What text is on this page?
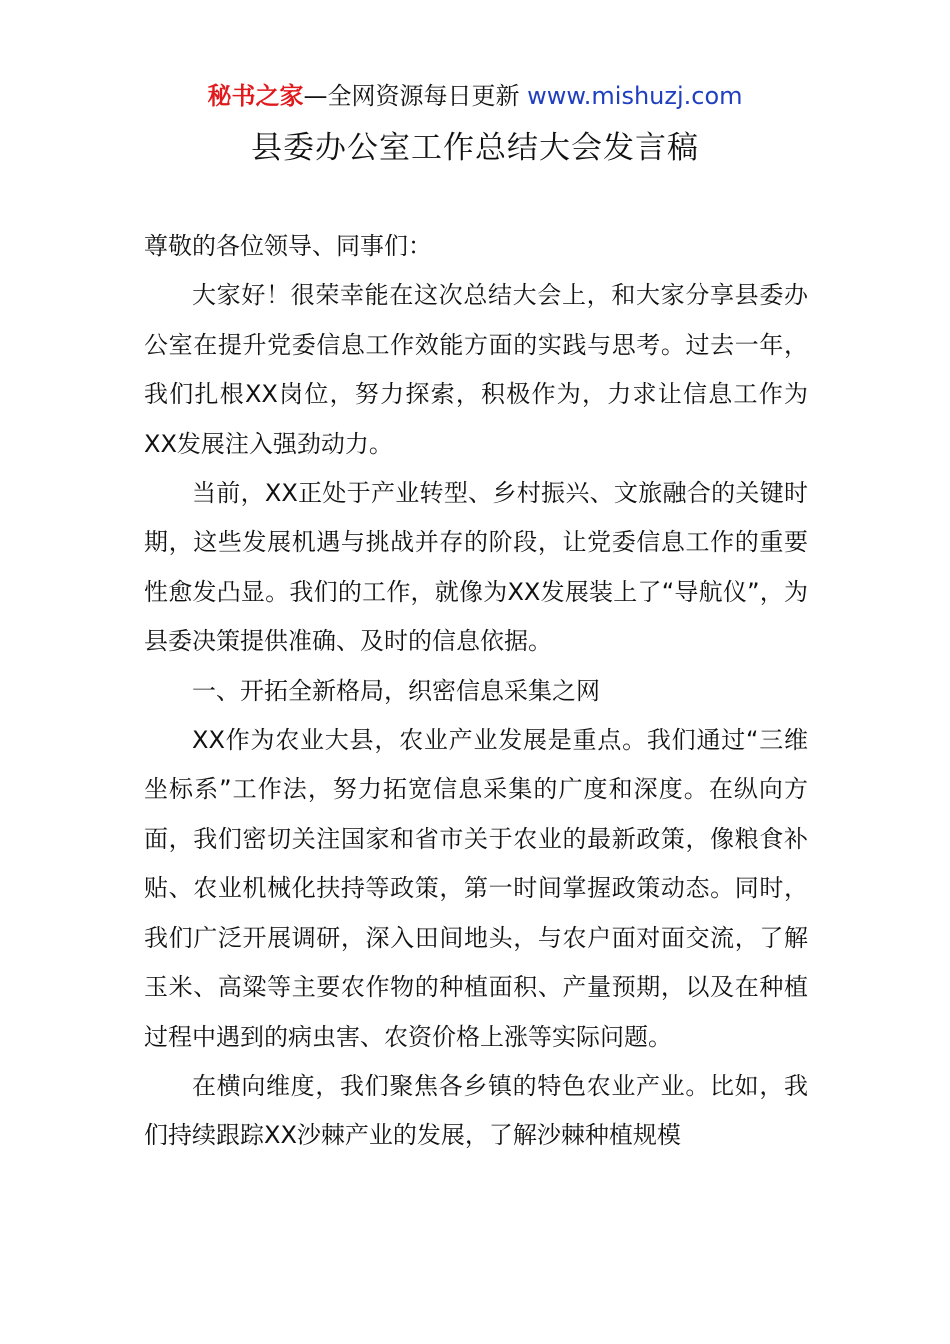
秘书之家—全网资源每日更新 www.mishuzj.com
县委办公室工作总结大会发言稿

尊敬的各位领导、同事们：

大家好！很荣幸能在这次总结大会上，和大家分享县委办公室在提升党委信息工作效能方面的实践与思考。过去一年，我们扎根XX岗位，努力探索，积极作为，力求让信息工作为XX发展注入强劲动力。

当前，XX正处于产业转型、乡村振兴、文旅融合的关键时期，这些发展机遇与挑战并存的阶段，让党委信息工作的重要性愈发凸显。我们的工作，就像为XX发展装上了“导航仪”，为县委决策提供准确、及时的信息依据。

一、开拓全新格局，织密信息采集之网

XX作为农业大县，农业产业发展是重点。我们通过“三维坐标系”工作法，努力拓宽信息采集的广度和深度。在纵向方面，我们密切关注国家和省市关于农业的最新政策，像粮食补贴、农业机械化扶持等政策，第一时间掌握政策动态。同时，我们广泛开展调研，深入田间地头，与农户面对面交流，了解玉米、高粱等主要农作物的种植面积、产量预期，以及在种植过程中遇到的病虫害、农资价格上涨等实际问题。

在横向维度，我们聚焦各乡镇的特色农业产业。比如，我们持续跟踪XX沙棘产业的发展，了解沙棘种植规模
